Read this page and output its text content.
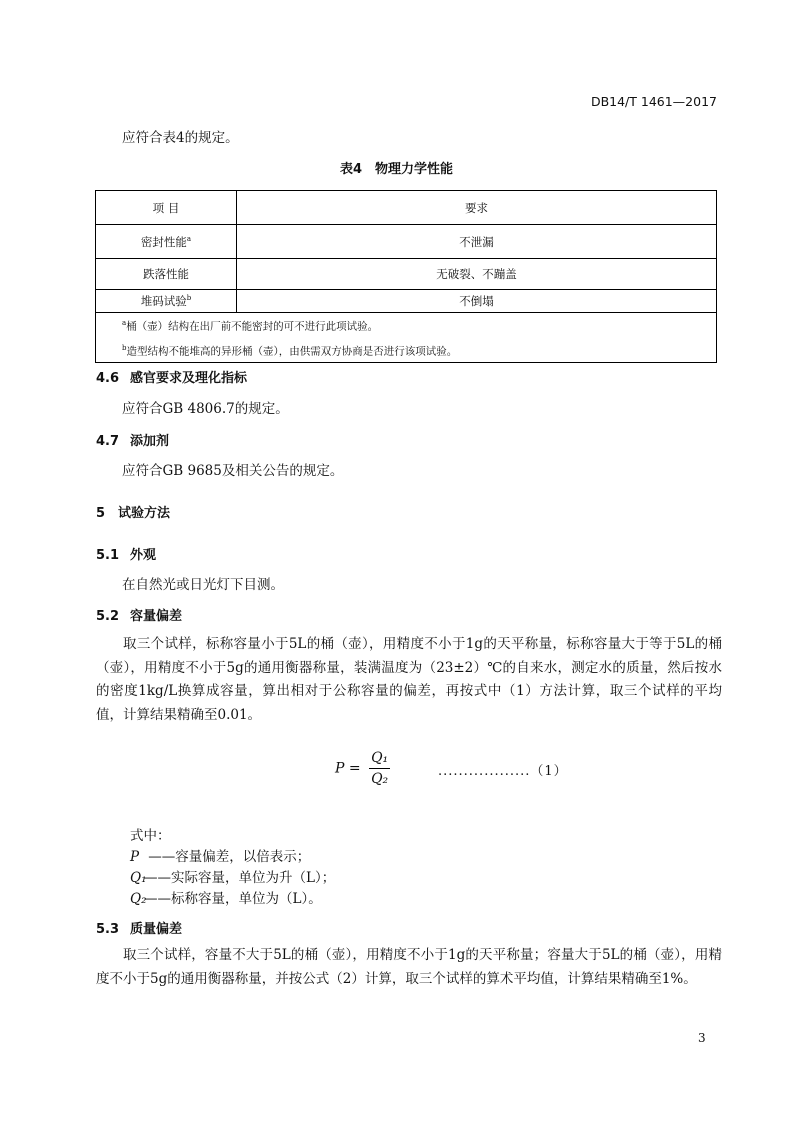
DB14/T 1461—2017
应符合表4的规定。
表4　物理力学性能
项 目	要求
密封性能$^a$	不泄漏
跌落性能	无破裂、不蹦盖
堆码试验$^b$	不倒塌

$^a$桶（壶）结构在出厂前不能密封的可不进行此项试验。
$^b$造型结构不能堆高的异形桶（壶），由供需双方协商是否进行该项试验。	
4.6 感官要求及理化指标
应符合GB 4806.7的规定。
4.7 添加剂
应符合GB 9685及相关公告的规定。
5 试验方法
5.1 外观
在自然光或日光灯下目测。
5.2 容量偏差
取三个试样，标称容量小于5L的桶（壶），用精度不小于1g的天平称量，标称容量大于等于5L的桶（壶），用精度不小于5g的通用衡器称量，装满温度为（23±2）℃的自来水，测定水的质量，然后按水的密度1kg/L换算成容量，算出相对于公称容量的偏差，再按式中（1）方法计算，取三个试样的平均值，计算结果精确至0.01。
$P = \frac{\text{Q₁}}{\text{Q₂}}$	..................（1）
式中：
P ——容量偏差，以倍表示；
Q₁——实际容量，单位为升（L）；
Q₂——标称容量，单位为（L）。
5.3 质量偏差
取三个试样，容量不大于5L的桶（壶），用精度不小于1g的天平称量；容量大于5L的桶（壶），用精度不小于5g的通用衡器称量，并按公式（2）计算，取三个试样的算术平均值，计算结果精确至1%。
3
